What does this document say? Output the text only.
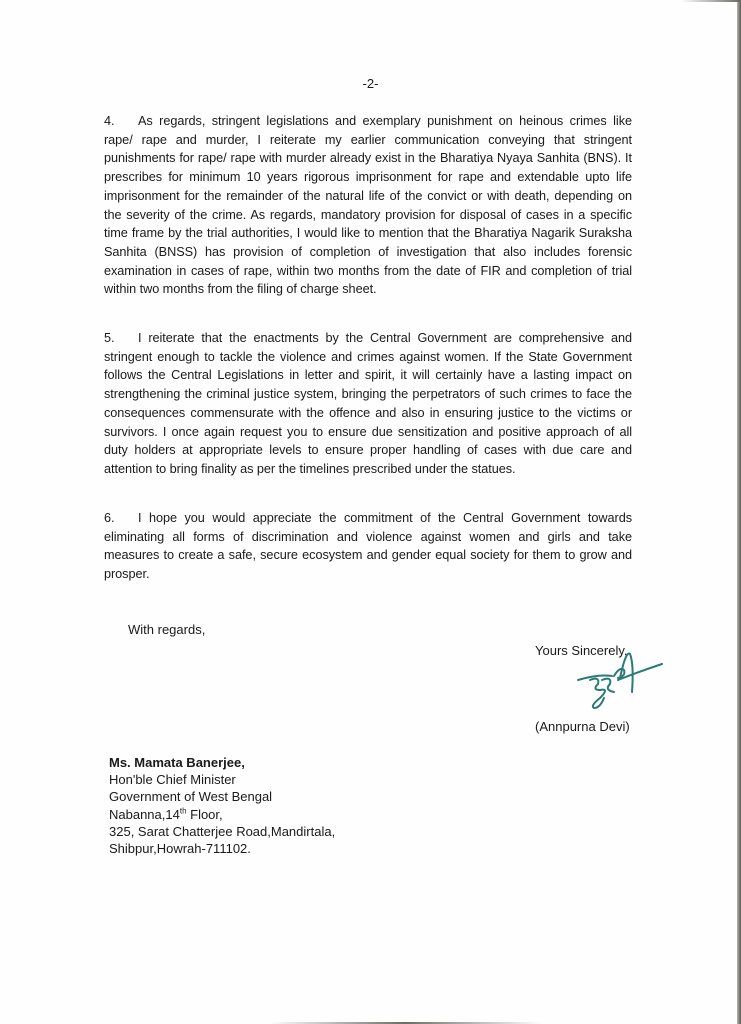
-2-
4. As regards, stringent legislations and exemplary punishment on heinous crimes like rape/ rape and murder, I reiterate my earlier communication conveying that stringent punishments for rape/ rape with murder already exist in the Bharatiya Nyaya Sanhita (BNS). It prescribes for minimum 10 years rigorous imprisonment for rape and extendable upto life imprisonment for the remainder of the natural life of the convict or with death, depending on the severity of the crime. As regards, mandatory provision for disposal of cases in a specific time frame by the trial authorities, I would like to mention that the Bharatiya Nagarik Suraksha Sanhita (BNSS) has provision of completion of investigation that also includes forensic examination in cases of rape, within two months from the date of FIR and completion of trial within two months from the filing of charge sheet.
5. I reiterate that the enactments by the Central Government are comprehensive and stringent enough to tackle the violence and crimes against women. If the State Government follows the Central Legislations in letter and spirit, it will certainly have a lasting impact on strengthening the criminal justice system, bringing the perpetrators of such crimes to face the consequences commensurate with the offence and also in ensuring justice to the victims or survivors. I once again request you to ensure due sensitization and positive approach of all duty holders at appropriate levels to ensure proper handling of cases with due care and attention to bring finality as per the timelines prescribed under the statues.
6. I hope you would appreciate the commitment of the Central Government towards eliminating all forms of discrimination and violence against women and girls and take measures to create a safe, secure ecosystem and gender equal society for them to grow and prosper.
With regards,
Yours Sincerely,
(Annpurna Devi)
Ms. Mamata Banerjee,
Hon'ble Chief Minister
Government of West Bengal
Nabanna,14th Floor,
325, Sarat Chatterjee Road,Mandirtala,
Shibpur,Howrah-711102.
